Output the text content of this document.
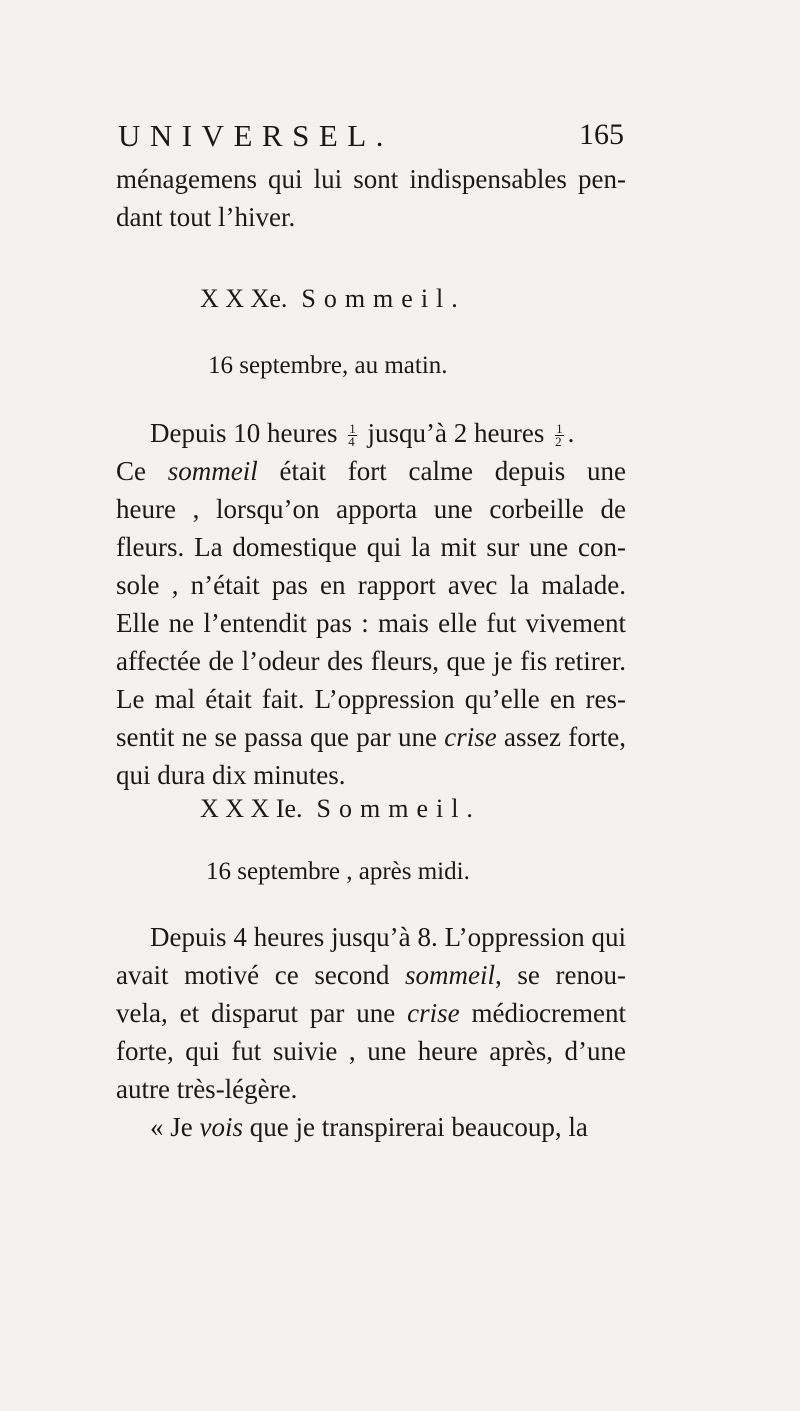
UNIVERSEL.	165
ménagemens qui lui sont indispensables pen-
dant tout l’hiver.
X X Xe. Sommeil.
16 septembre, au matin.
Depuis 10 heures $\frac{1}{4}$ jusqu’à 2 heures $\frac{1}{2}$ .
Ce sommeil était fort calme depuis une
heure , lorsqu’on apporta une corbeille de
fleurs. La domestique qui la mit sur une con-
sole , n’était pas en rapport avec la malade.
Elle ne l’entendit pas : mais elle fut vivement
affectée de l’odeur des fleurs, que je fis retirer.
Le mal était fait. L’oppression qu’elle en res-
sentit ne se passa que par une crise assez forte,
qui dura dix minutes.
X X X Ie. Sommeil.
16 septembre , après midi.
Depuis 4 heures jusqu’à 8. L’oppression qui
avait motivé ce second sommeil, se renou-
vela, et disparut par une crise médiocrement
forte, qui fut suivie , une heure après, d’une
autre très-légère.
« Je vois que je transpirerai beaucoup, la
